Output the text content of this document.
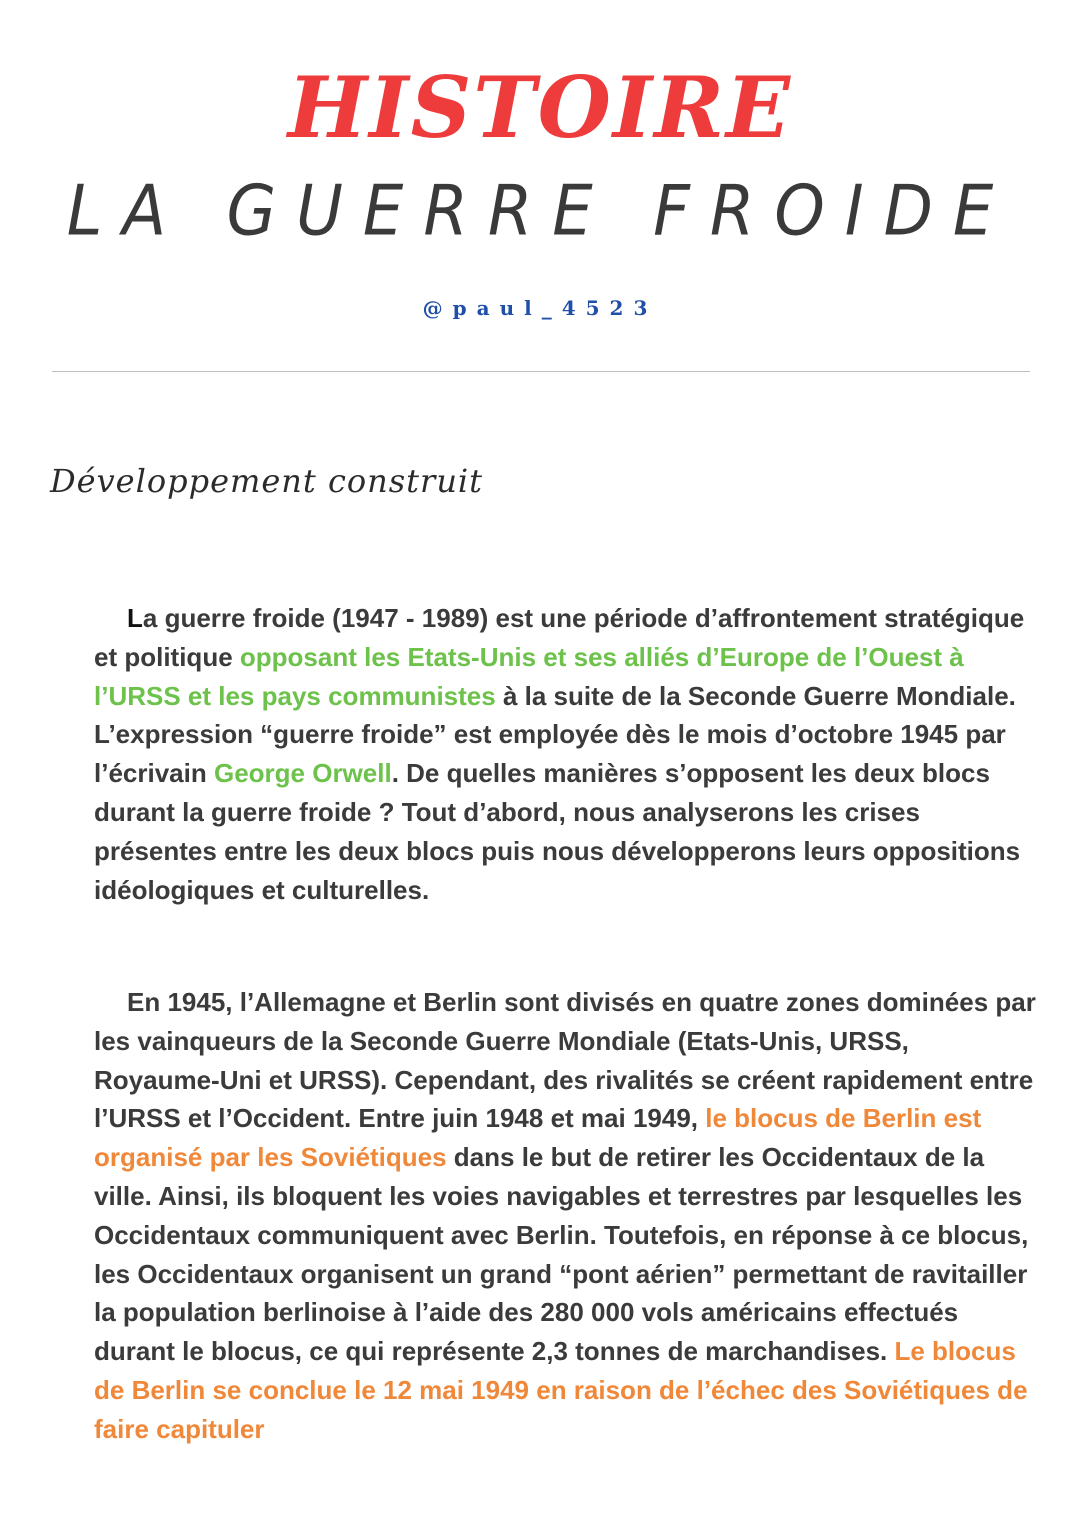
HISTOIRE
LA GUERRE FROIDE
@paul_4523
Développement construit

La guerre froide (1947 - 1989) est une période d’affrontement stratégique et politique opposant les Etats-Unis et ses alliés d’Europe de l’Ouest à l’URSS et les pays communistes à la suite de la Seconde Guerre Mondiale. L’expression “guerre froide” est employée dès le mois d’octobre 1945 par l’écrivain George Orwell. De quelles manières s’opposent les deux blocs durant la guerre froide ? Tout d’abord, nous analyserons les crises présentes entre les deux blocs puis nous développerons leurs oppositions idéologiques et culturelles.

En 1945, l’Allemagne et Berlin sont divisés en quatre zones dominées par les vainqueurs de la Seconde Guerre Mondiale (Etats-Unis, URSS, Royaume-Uni et URSS). Cependant, des rivalités se créent rapidement entre l’URSS et l’Occident. Entre juin 1948 et mai 1949, le blocus de Berlin est organisé par les Soviétiques dans le but de retirer les Occidentaux de la ville. Ainsi, ils bloquent les voies navigables et terrestres par lesquelles les Occidentaux communiquent avec Berlin. Toutefois, en réponse à ce blocus, les Occidentaux organisent un grand “pont aérien” permettant de ravitailler la population berlinoise à l’aide des 280 000 vols américains effectués durant le blocus, ce qui représente 2,3 tonnes de marchandises. Le blocus de Berlin se conclue le 12 mai 1949 en raison de l’échec des Soviétiques de faire capituler
